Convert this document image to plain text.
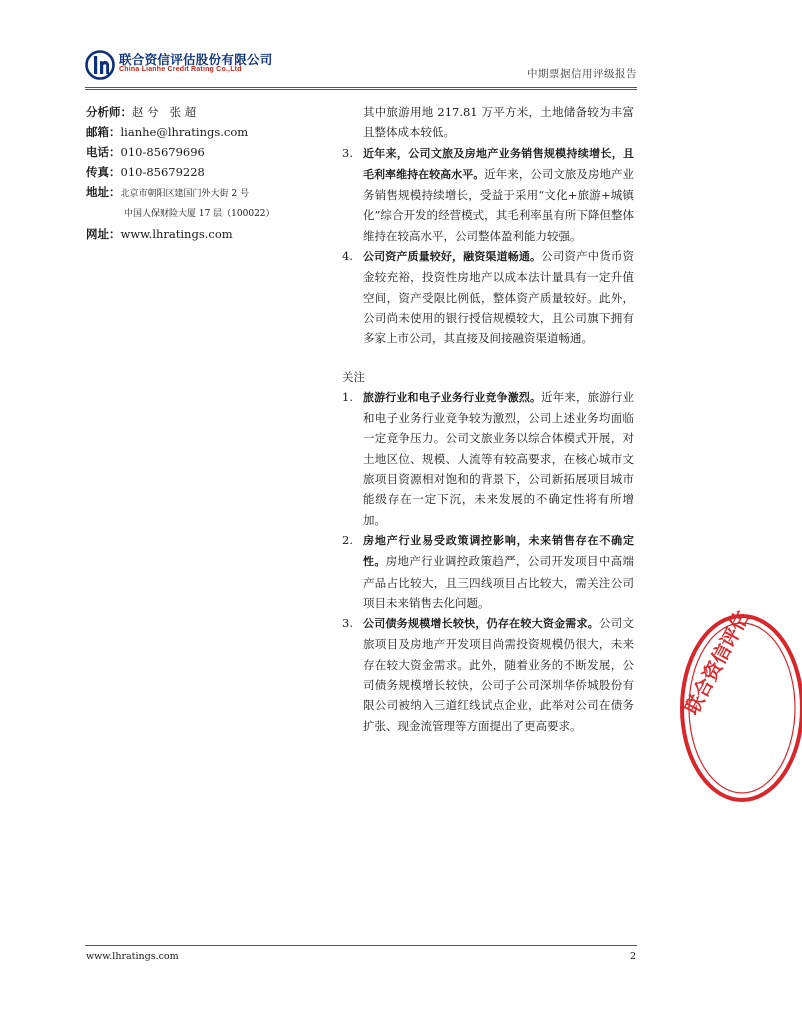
联合资信评估股份有限公司
China Lianhe Credit Rating Co.,Ltd	中期票据信用评级报告
分析师：赵 兮   张 超
邮箱：lianhe@lhratings.com
电话：010-85679696
传真：010-85679228
地址：北京市朝阳区建国门外大街 2 号
中国人保财险大厦 17 层（100022）
网址：www.lhratings.com
其中旅游用地 217.81 万平方米，土地储备较为丰富且整体成本较低。
3. 近年来，公司文旅及房地产业务销售规模持续增长，且毛利率维持在较高水平。近年来，公司文旅及房地产业务销售规模持续增长，受益于采用“文化+旅游+城镇化”综合开发的经营模式，其毛利率虽有所下降但整体维持在较高水平，公司整体盈利能力较强。
4. 公司资产质量较好，融资渠道畅通。公司资产中货币资金较充裕，投资性房地产以成本法计量具有一定升值空间，资产受限比例低，整体资产质量较好。此外，公司尚未使用的银行授信规模较大，且公司旗下拥有多家上市公司，其直接及间接融资渠道畅通。
关注
1. 旅游行业和电子业务行业竞争激烈。近年来，旅游行业和电子业务行业竞争较为激烈，公司上述业务均面临一定竞争压力。公司文旅业务以综合体模式开展，对土地区位、规模、人流等有较高要求，在核心城市文旅项目资源相对饱和的背景下，公司新拓展项目城市能级存在一定下沉，未来发展的不确定性将有所增加。
2. 房地产行业易受政策调控影响，未来销售存在不确定性。房地产行业调控政策趋严，公司开发项目中高端产品占比较大，且三四线项目占比较大，需关注公司项目未来销售去化问题。
3. 公司债务规模增长较快，仍存在较大资金需求。公司文旅项目及房地产开发项目尚需投资规模仍很大，未来存在较大资金需求。此外，随着业务的不断发展，公司债务规模增长较快，公司子公司深圳华侨城股份有限公司被纳入三道红线试点企业，此举对公司在债务扩张、现金流管理等方面提出了更高要求。
联合资信评估
www.lhratings.com	2
